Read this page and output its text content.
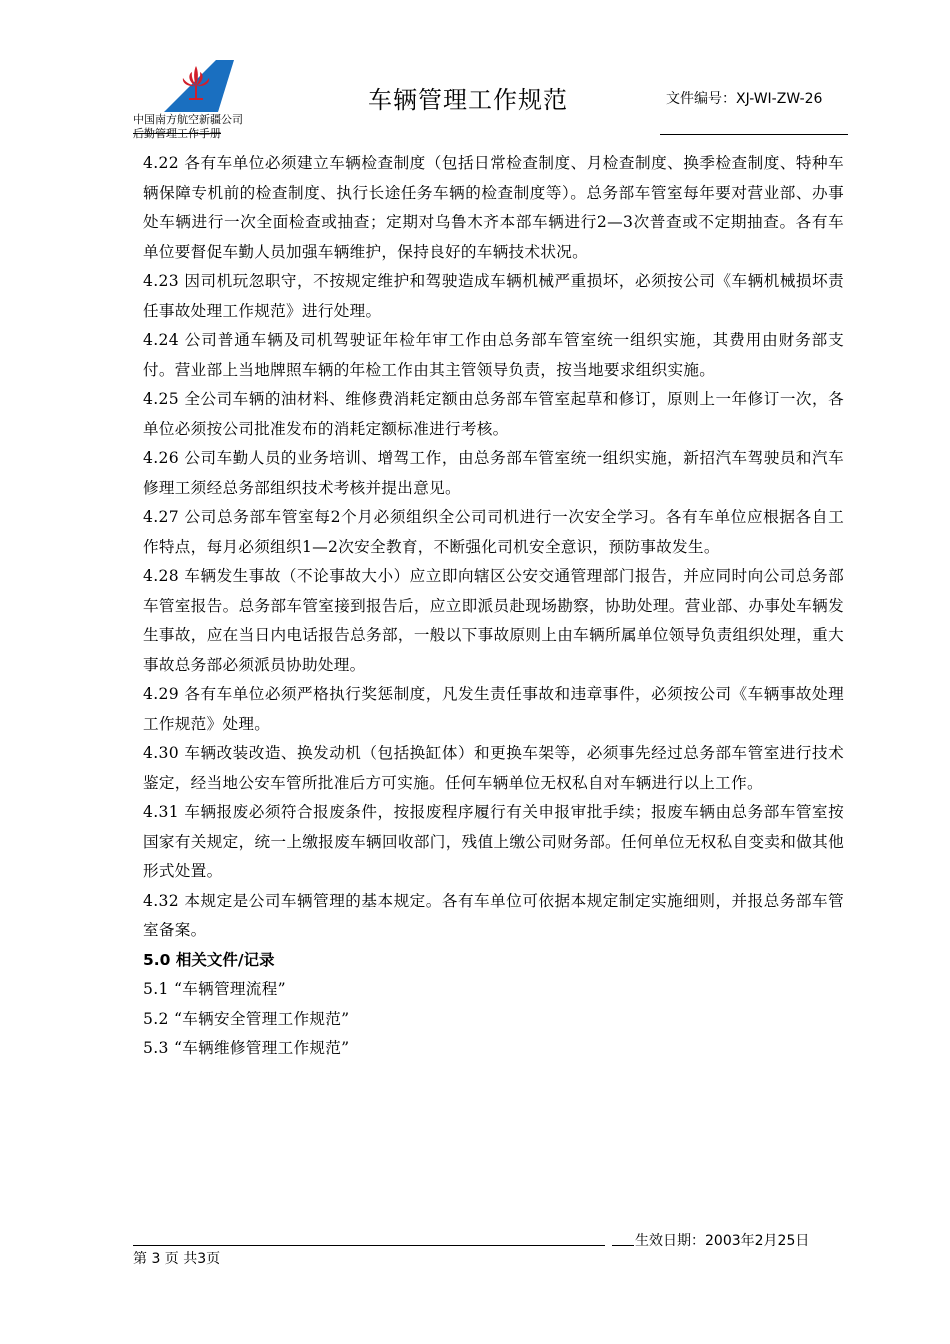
中国南方航空新疆公司
后勤管理工作手册
车辆管理工作规范	文件编号：XJ-WI-ZW-26

4.22 各有车单位必须建立车辆检查制度（包括日常检查制度、月检查制度、换季检查制度、特种车辆保障专机前的检查制度、执行长途任务车辆的检查制度等）。总务部车管室每年要对营业部、办事处车辆进行一次全面检查或抽查；定期对乌鲁木齐本部车辆进行2—3次普查或不定期抽查。各有车单位要督促车勤人员加强车辆维护，保持良好的车辆技术状况。

4.23 因司机玩忽职守，不按规定维护和驾驶造成车辆机械严重损坏，必须按公司《车辆机械损坏责任事故处理工作规范》进行处理。

4.24 公司普通车辆及司机驾驶证年检年审工作由总务部车管室统一组织实施，其费用由财务部支付。营业部上当地牌照车辆的年检工作由其主管领导负责，按当地要求组织实施。

4.25 全公司车辆的油材料、维修费消耗定额由总务部车管室起草和修订，原则上一年修订一次，各单位必须按公司批准发布的消耗定额标准进行考核。

4.26 公司车勤人员的业务培训、增驾工作，由总务部车管室统一组织实施，新招汽车驾驶员和汽车修理工须经总务部组织技术考核并提出意见。

4.27 公司总务部车管室每2个月必须组织全公司司机进行一次安全学习。各有车单位应根据各自工作特点，每月必须组织1—2次安全教育，不断强化司机安全意识，预防事故发生。

4.28 车辆发生事故（不论事故大小）应立即向辖区公安交通管理部门报告，并应同时向公司总务部车管室报告。总务部车管室接到报告后，应立即派员赴现场勘察，协助处理。营业部、办事处车辆发生事故，应在当日内电话报告总务部，一般以下事故原则上由车辆所属单位领导负责组织处理，重大事故总务部必须派员协助处理。

4.29 各有车单位必须严格执行奖惩制度，凡发生责任事故和违章事件，必须按公司《车辆事故处理工作规范》处理。

4.30 车辆改装改造、换发动机（包括换缸体）和更换车架等，必须事先经过总务部车管室进行技术鉴定，经当地公安车管所批准后方可实施。任何车辆单位无权私自对车辆进行以上工作。

4.31 车辆报废必须符合报废条件，按报废程序履行有关申报审批手续；报废车辆由总务部车管室按国家有关规定，统一上缴报废车辆回收部门，残值上缴公司财务部。任何单位无权私自变卖和做其他形式处置。

4.32 本规定是公司车辆管理的基本规定。各有车单位可依据本规定制定实施细则，并报总务部车管室备案。

5.0 相关文件/记录

5.1 “车辆管理流程”

5.2 “车辆安全管理工作规范”

5.3 “车辆维修管理工作规范”

生效日期：2003年2月25日
第 3 页 共3页
